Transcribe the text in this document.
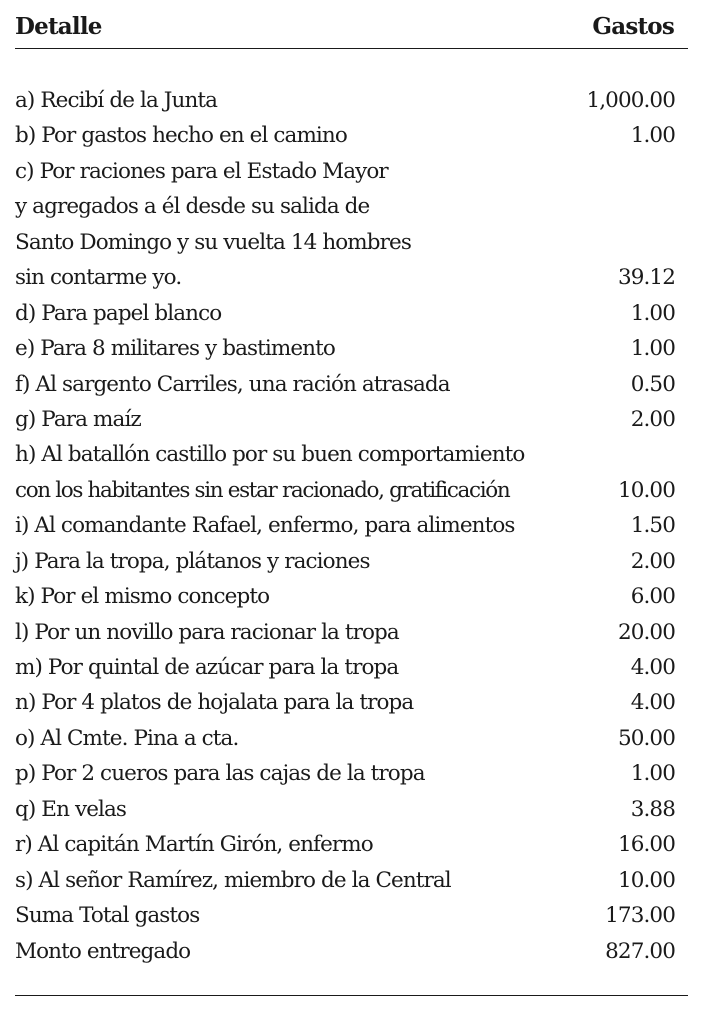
Detalle	Gastos
a) Recibí de la Junta	1,000.00
b) Por gastos hecho en el camino	1.00
c) Por raciones para el Estado Mayor
y agregados a él desde su salida de
Santo Domingo y su vuelta 14 hombres
sin contarme yo.	39.12
d) Para papel blanco	1.00
e) Para 8 militares y bastimento	1.00
f) Al sargento Carriles, una ración atrasada	0.50
g) Para maíz	2.00
h) Al batallón castillo por su buen comportamiento
con los habitantes sin estar racionado, gratificación	10.00
i) Al comandante Rafael, enfermo, para alimentos	1.50
j) Para la tropa, plátanos y raciones	2.00
k) Por el mismo concepto	6.00
l) Por un novillo para racionar la tropa	20.00
m) Por quintal de azúcar para la tropa	4.00
n) Por 4 platos de hojalata para la tropa	4.00
o) Al Cmte. Pina a cta.	50.00
p) Por 2 cueros para las cajas de la tropa	1.00
q) En velas	3.88
r) Al capitán Martín Girón, enfermo	16.00
s) Al señor Ramírez, miembro de la Central	10.00
Suma Total gastos	173.00
Monto entregado	827.00
